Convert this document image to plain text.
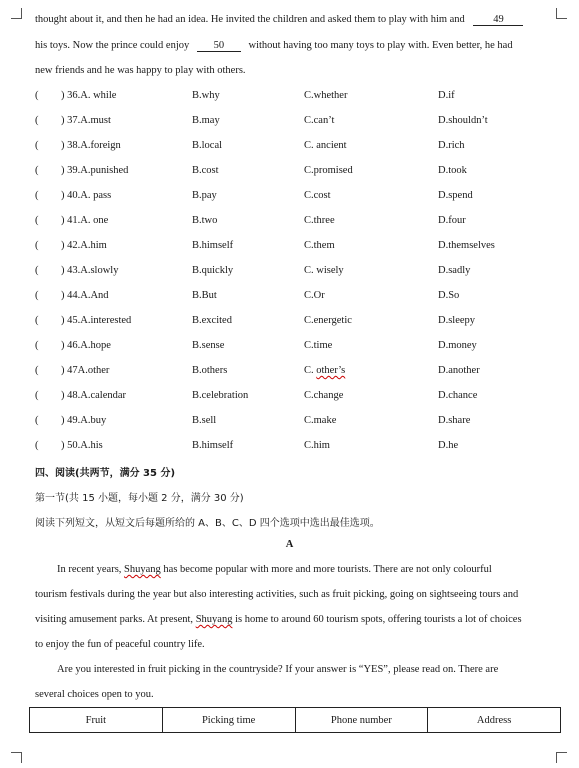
thought about it, and then he had an idea. He invited the children and asked them to play with him and	49
his toys. Now the prince could enjoy 50 without having too many toys to play with. Even better, he had
new friends and he was happy to play with others.
( ) 36.A. while	B.why	C.whether	D.if
( ) 37.A.must	B.may	C.can’t	D.shouldn’t
( ) 38.A.foreign	B.local	C. ancient	D.rich
( ) 39.A.punished	B.cost	C.promised	D.took
( ) 40.A. pass	B.pay	C.cost	D.spend
( ) 41.A. one	B.two	C.three	D.four
( ) 42.A.him	B.himself	C.them	D.themselves
( ) 43.A.slowly	B.quickly	C. wisely	D.sadly
( ) 44.A.And	B.But	C.Or	D.So
( ) 45.A.interested	B.excited	C.energetic	D.sleepy
( ) 46.A.hope	B.sense	C.time	D.money
( ) 47A.other	B.others	C. other’s	D.another
( ) 48.A.calendar	B.celebration	C.change	D.chance
( ) 49.A.buy	B.sell	C.make	D.share
( ) 50.A.his	B.himself	C.him	D.he
四、阅读(共两节，满分 35 分)
第一节(共 15 小题，每小题 2 分，满分 30 分)
阅读下列短文，从短文后每题所给的 A、B、C、D 四个选项中选出最佳选项。
A
In recent years, Shuyang has become popular with more and more tourists. There are not only colourful
tourism festivals during the year but also interesting activities, such as fruit picking, going on sightseeing tours and
visiting amusement parks. At present, Shuyang is home to around 60 tourism spots, offering tourists a lot of choices
to enjoy the fun of peaceful country life.
Are you interested in fruit picking in the countryside? If your answer is “YES”, please read on. There are
several choices open to you.
Fruit	Picking time	Phone number	Address
